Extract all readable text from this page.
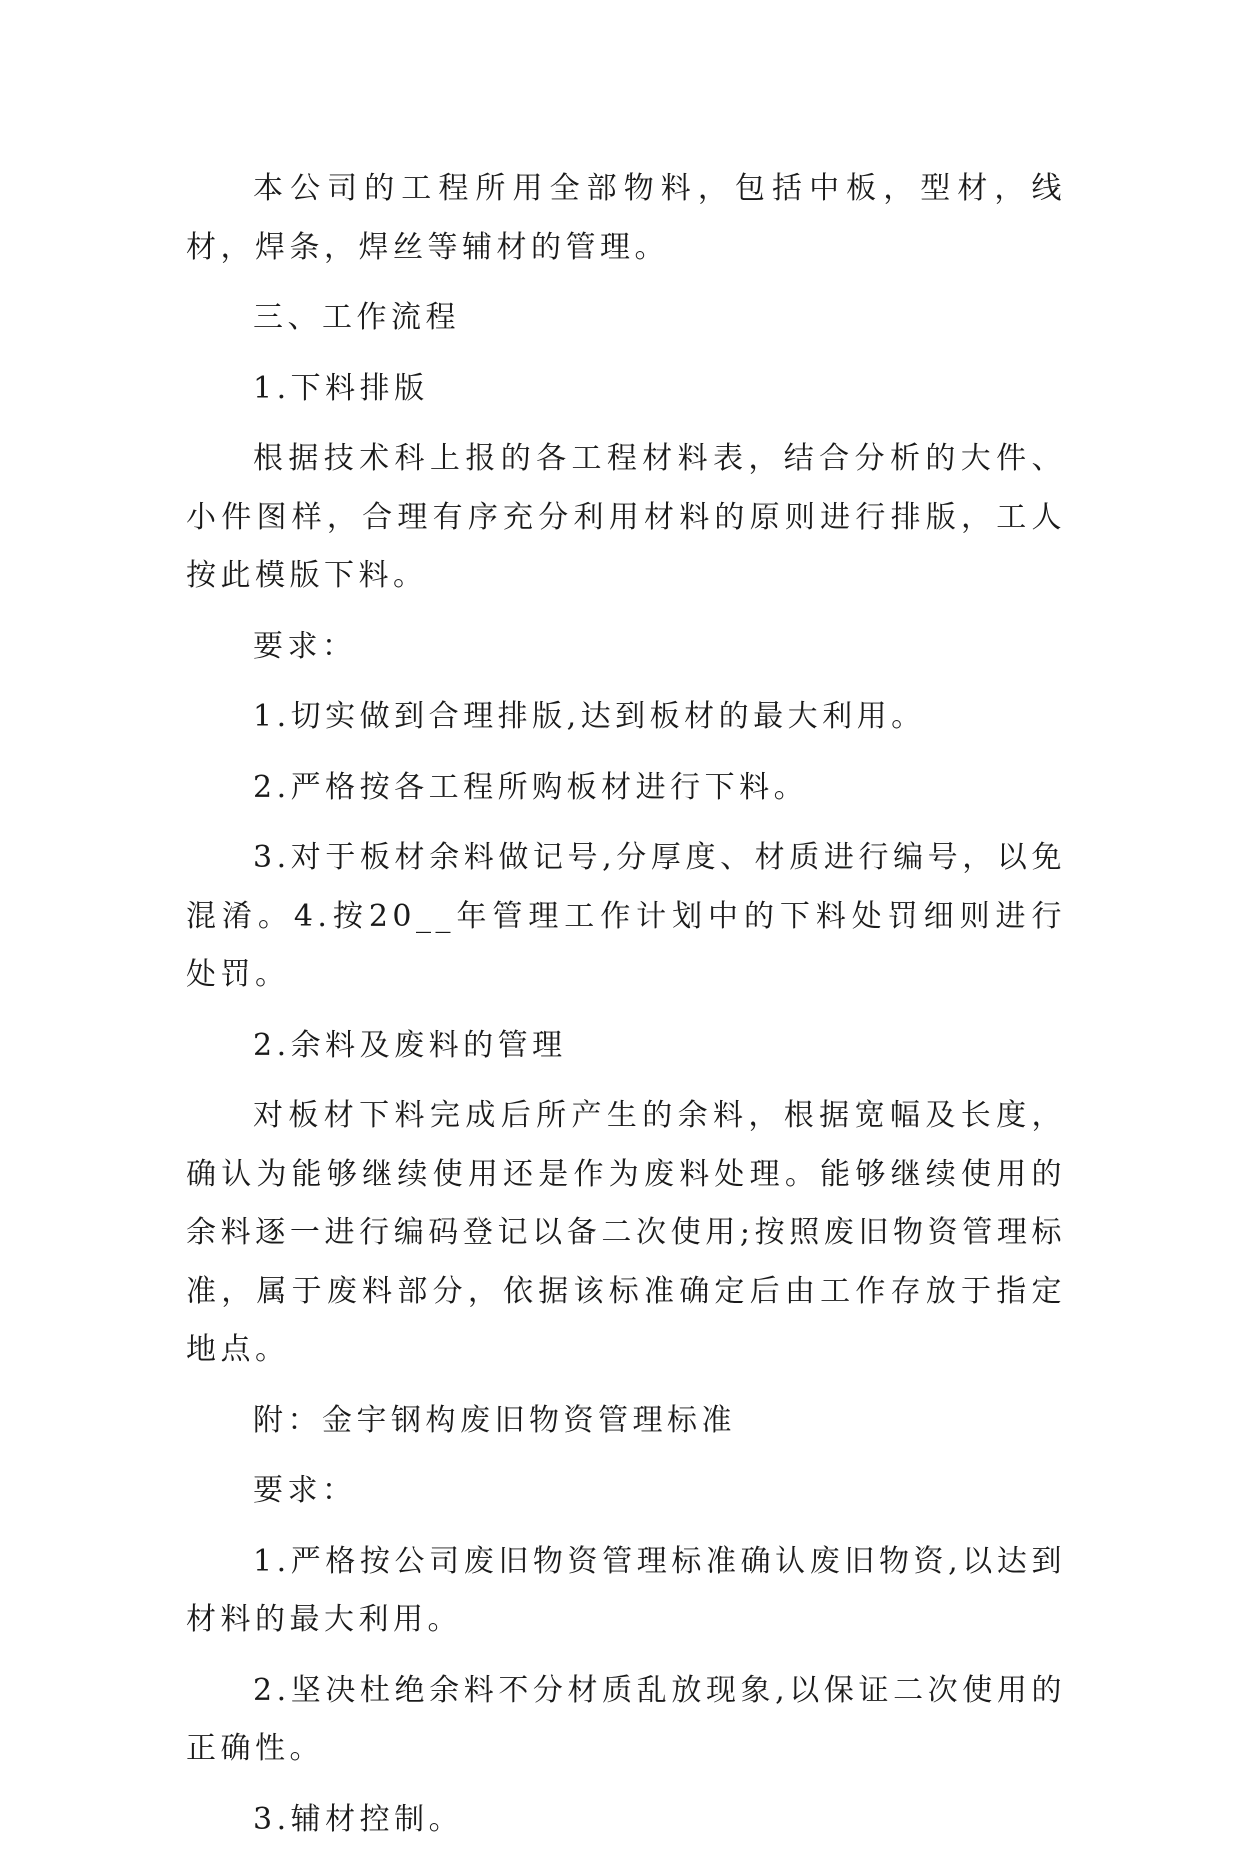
本公司的工程所用全部物料，包括中板，型材，线材，焊条，焊丝等辅材的管理。

三、工作流程

1.下料排版

根据技术科上报的各工程材料表，结合分析的大件、小件图样，合理有序充分利用材料的原则进行排版，工人按此模版下料。

要求：

1.切实做到合理排版,达到板材的最大利用。

2.严格按各工程所购板材进行下料。

3.对于板材余料做记号,分厚度、材质进行编号，以免混淆。4.按20__年管理工作计划中的下料处罚细则进行处罚。

2.余料及废料的管理

对板材下料完成后所产生的余料，根据宽幅及长度，确认为能够继续使用还是作为废料处理。能够继续使用的余料逐一进行编码登记以备二次使用;按照废旧物资管理标准，属于废料部分，依据该标准确定后由工作存放于指定地点。

附：金宇钢构废旧物资管理标准

要求：

1.严格按公司废旧物资管理标准确认废旧物资,以达到材料的最大利用。

2.坚决杜绝余料不分材质乱放现象,以保证二次使用的正确性。

3.辅材控制。
